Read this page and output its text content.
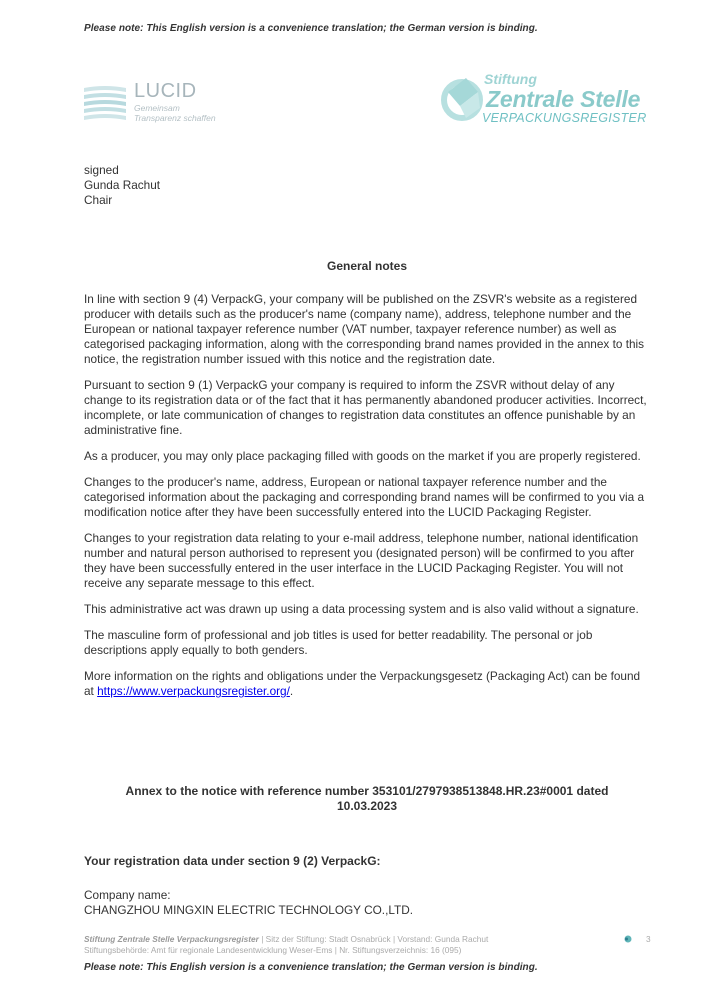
Please note: This English version is a convenience translation; the German version is binding.
LUCID
Gemeinsam
Transparenz schaffen
Stiftung
Zentrale Stelle
VERPACKUNGSREGISTER
signed
Gunda Rachut
Chair
General notes

In line with section 9 (4) VerpackG, your company will be published on the ZSVR's website as a registered producer with details such as the producer's name (company name), address, telephone number and the European or national taxpayer reference number (VAT number, taxpayer reference number) as well as categorised packaging information, along with the corresponding brand names provided in the annex to this notice, the registration number issued with this notice and the registration date.

Pursuant to section 9 (1) VerpackG your company is required to inform the ZSVR without delay of any change to its registration data or of the fact that it has permanently abandoned producer activities. Incorrect, incomplete, or late communication of changes to registration data constitutes an offence punishable by an administrative fine.

As a producer, you may only place packaging filled with goods on the market if you are properly registered.

Changes to the producer's name, address, European or national taxpayer reference number and the categorised information about the packaging and corresponding brand names will be confirmed to you via a modification notice after they have been successfully entered into the LUCID Packaging Register.

Changes to your registration data relating to your e-mail address, telephone number, national identification number and natural person authorised to represent you (designated person) will be confirmed to you after they have been successfully entered in the user interface in the LUCID Packaging Register. You will not receive any separate message to this effect.

This administrative act was drawn up using a data processing system and is also valid without a signature.

The masculine form of professional and job titles is used for better readability. The personal or job descriptions apply equally to both genders.

More information on the rights and obligations under the Verpackungsgesetz (Packaging Act) can be found at https://www.verpackungsregister.org/.

Annex to the notice with reference number 353101/2797938513848.HR.23#0001 dated
10.03.2023
Your registration data under section 9 (2) VerpackG:
Company name:
CHANGZHOU MINGXIN ELECTRIC TECHNOLOGY CO.,LTD.
Stiftung Zentrale Stelle Verpackungsregister | Sitz der Stiftung: Stadt Osnabrück | Vorstand: Gunda Rachut
Stiftungsbehörde: Amt für regionale Landesentwicklung Weser-Ems | Nr. Stiftungsverzeichnis: 16 (095)
3
Please note: This English version is a convenience translation; the German version is binding.
